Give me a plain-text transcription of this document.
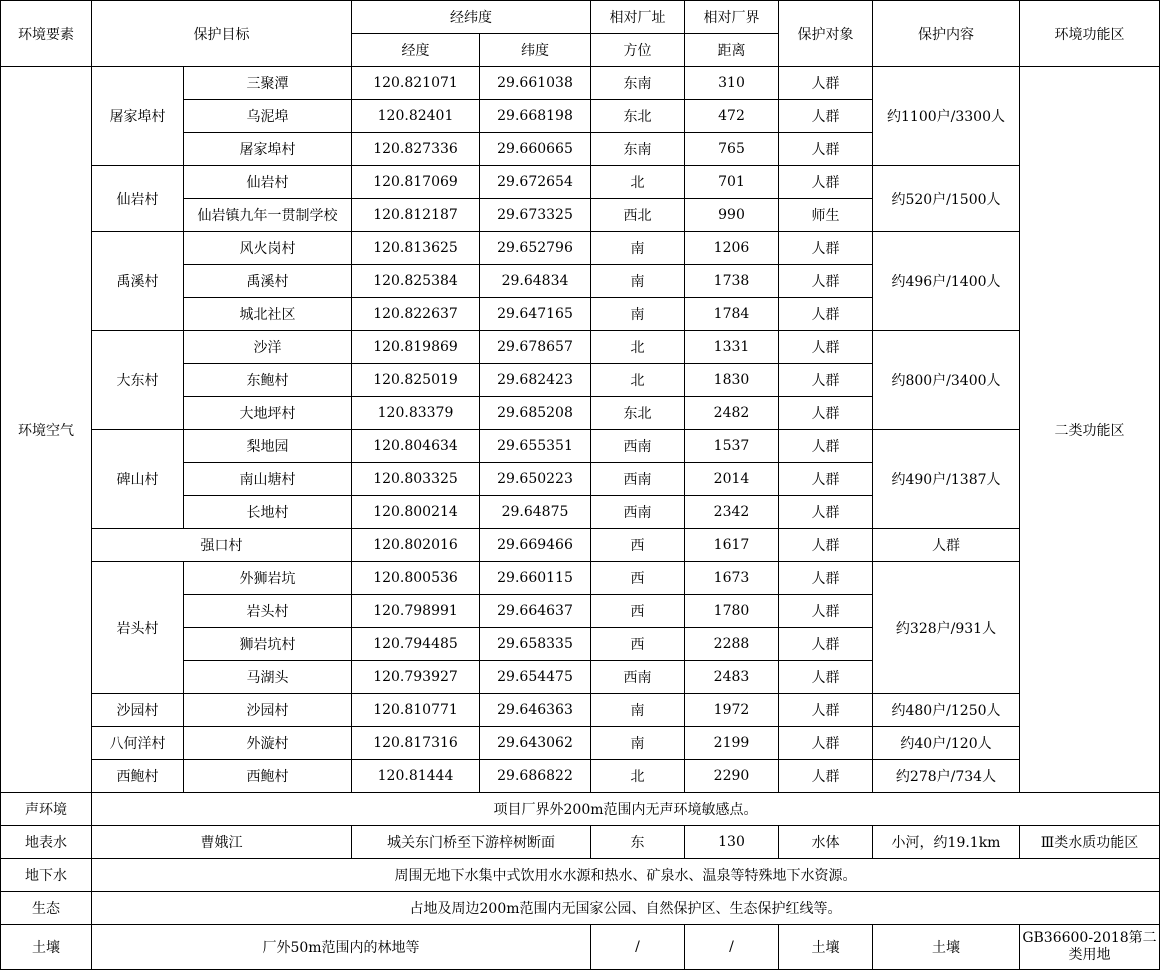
环境要素	保护目标		经纬度		相对厂址	相对厂界	保护对象	保护内容	环境功能区
			经度	纬度	方位	距离			
环境空气	屠家埠村	三聚潭	120.821071	29.661038	东南	310	人群	约1100户/3300人	二类功能区
		乌泥埠	120.82401	29.668198	东北	472	人群		
		屠家埠村	120.827336	29.660665	东南	765	人群		
	仙岩村	仙岩村	120.817069	29.672654	北	701	人群	约520户/1500人	
		仙岩镇九年一贯制学校	120.812187	29.673325	西北	990	师生		
	禹溪村	风火岗村	120.813625	29.652796	南	1206	人群	约496户/1400人	
		禹溪村	120.825384	29.64834	南	1738	人群		
		城北社区	120.822637	29.647165	南	1784	人群		
	大东村	沙洋	120.819869	29.678657	北	1331	人群	约800户/3400人	
		东鲍村	120.825019	29.682423	北	1830	人群		
		大地坪村	120.83379	29.685208	东北	2482	人群		
	碑山村	梨地园	120.804634	29.655351	西南	1537	人群	约490户/1387人	
		南山塘村	120.803325	29.650223	西南	2014	人群		
		长地村	120.800214	29.64875	西南	2342	人群		
	强口村		120.802016	29.669466	西	1617	人群	人群	
	岩头村	外狮岩坑	120.800536	29.660115	西	1673	人群	约328户/931人	
		岩头村	120.798991	29.664637	西	1780	人群		
		狮岩坑村	120.794485	29.658335	西	2288	人群		
		马湖头	120.793927	29.654475	西南	2483	人群		
	沙园村	沙园村	120.810771	29.646363	南	1972	人群	约480户/1250人	
	八何洋村	外漩村	120.817316	29.643062	南	2199	人群	约40户/120人	
	西鲍村	西鲍村	120.81444	29.686822	北	2290	人群	约278户/734人	
声环境	项目厂界外200m范围内无声环境敏感点。								
地表水	曹娥江		城关东门桥至下游梓树断面		东	130	水体	小河，约19.1km	Ⅲ类水质功能区
地下水	周围无地下水集中式饮用水水源和热水、矿泉水、温泉等特殊地下水资源。								
生态	占地及周边200m范围内无国家公园、自然保护区、生态保护红线等。								
土壤	厂外50m范围内的林地等				/	/	土壤	土壤	GB36600-2018第二类用地
